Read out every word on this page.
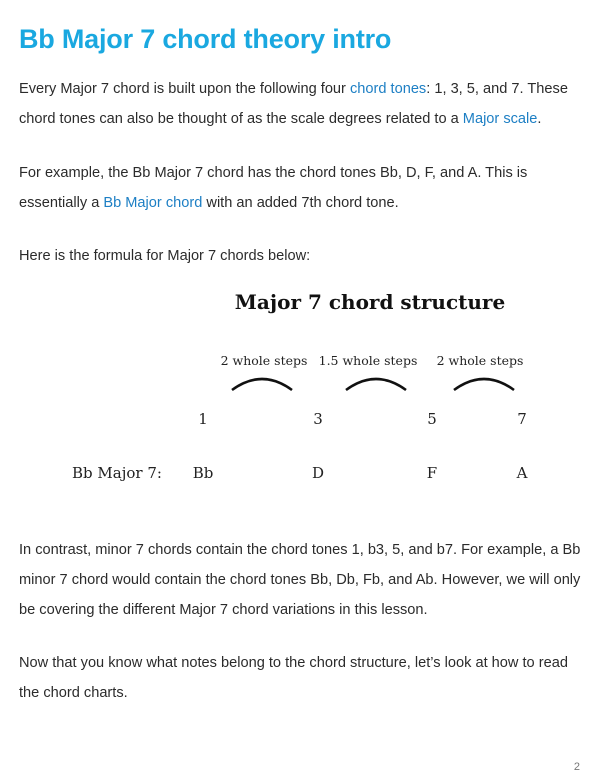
Bb Major 7 chord theory intro

Every Major 7 chord is built upon the following four chord tones: 1, 3, 5, and 7. These chord tones can also be thought of as the scale degrees related to a Major scale.

For example, the Bb Major 7 chord has the chord tones Bb, D, F, and A. This is essentially a Bb Major chord with an added 7th chord tone.

Here is the formula for Major 7 chords below:

Major 7 chord structure
2 whole steps 1.5 whole steps 2 whole steps
1	3	5	7
Bb Major 7: Bb	D	F	A

In contrast, minor 7 chords contain the chord tones 1, b3, 5, and b7. For example, a Bb minor 7 chord would contain the chord tones Bb, Db, Fb, and Ab. However, we will only be covering the different Major 7 chord variations in this lesson.

Now that you know what notes belong to the chord structure, let’s look at how to read the chord charts.

2
